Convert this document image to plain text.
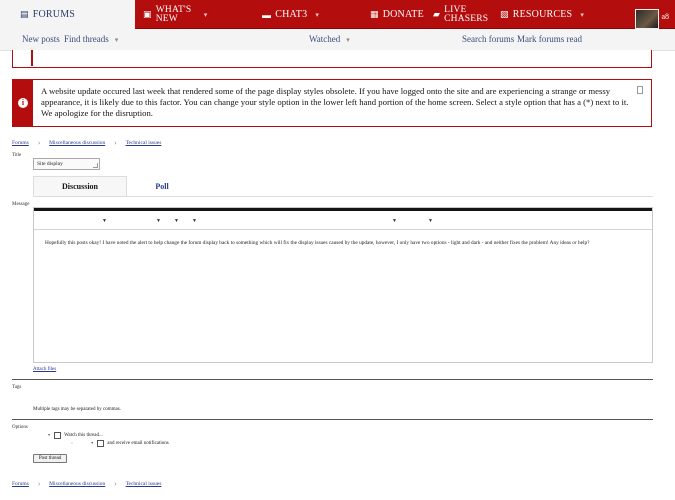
▤ FORUMS	▣ WHAT'S NEW	▾	▬ CHAT3 ▾	▦ DONATE ▰ LIVE CHASERS ▧ RESOURCES ▾	a8
New posts Find threads ▾	Watched ▾	Search forums Mark forums read
i
A website update occured last week that rendered some of the page display styles obsolete. If you have logged onto the site and are experiencing a strange or messy appearance, it is likely due to this factor. You can change your style option in the lower left hand portion of the home screen. Select a style option that has a (*) next to it. We apologize for the disruption.
Forums › Miscellaneous discussion › Technical issues
Title
Site display
Discussion	Poll
Message
▼	▼	▼	▼	▼	▼
Hopefully this posts okay! I have noted the alert to help change the forum display back to something which will fix the display issues caused by the update, however, I only have two options - light and dark - and neither fixes the problem! Any ideas or help?
Attach files
Tags
Multiple tags may be separated by commas.
Options
•	Watch this thread...
◦	•	and receive email notifications
Post thread
Forums › Miscellaneous discussion › Technical issues
